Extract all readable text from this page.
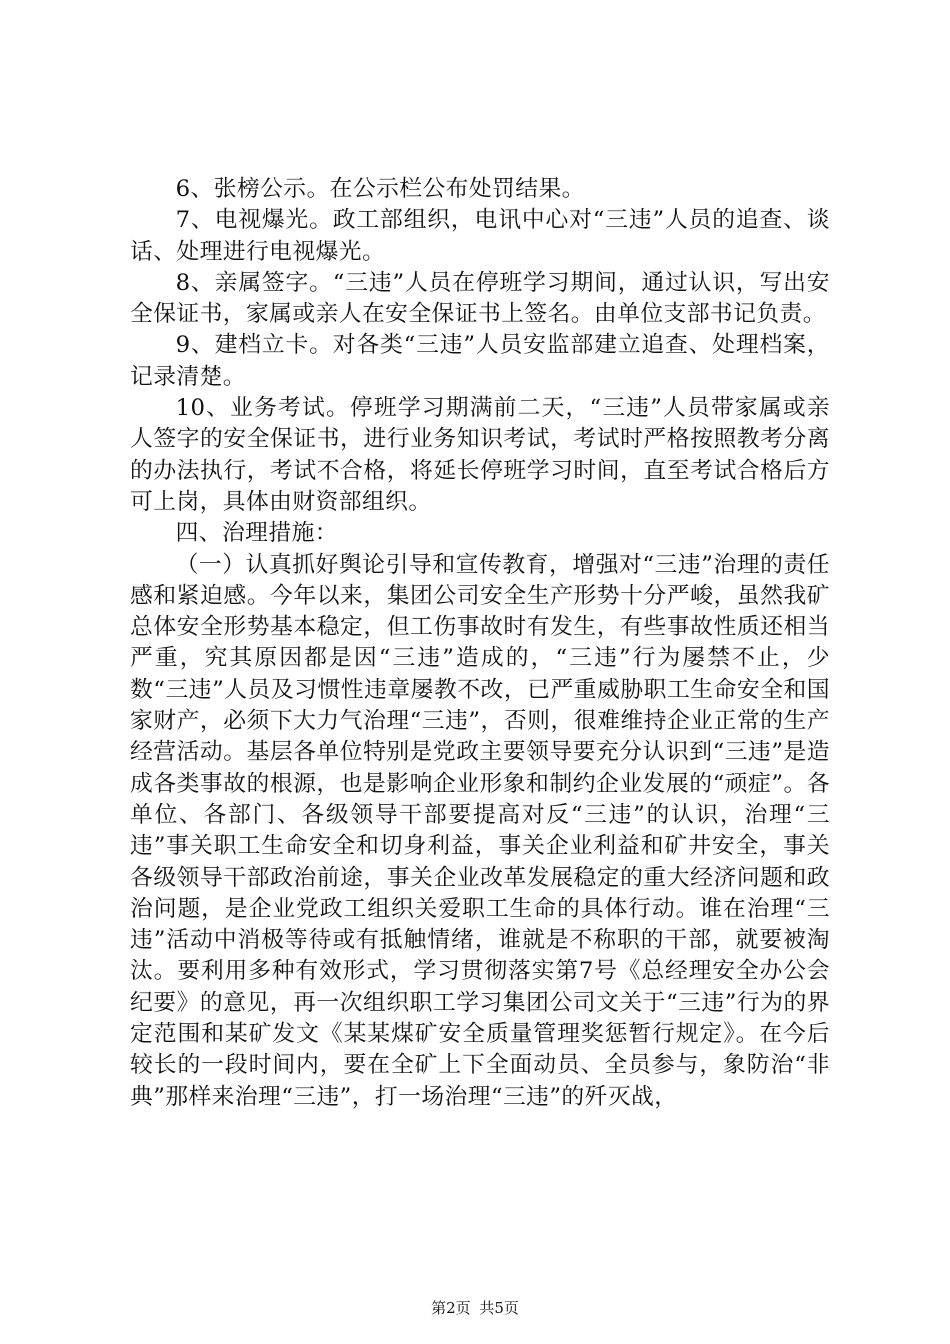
6、张榜公示。在公示栏公布处罚结果。

7、电视爆光。政工部组织，电讯中心对“三违”人员的追查、谈话、处理进行电视爆光。

8、亲属签字。“三违”人员在停班学习期间，通过认识，写出安全保证书，家属或亲人在安全保证书上签名。由单位支部书记负责。

9、建档立卡。对各类“三违”人员安监部建立追查、处理档案，记录清楚。

10、业务考试。停班学习期满前二天，“三违”人员带家属或亲人签字的安全保证书，进行业务知识考试，考试时严格按照教考分离的办法执行，考试不合格，将延长停班学习时间，直至考试合格后方可上岗，具体由财资部组织。

四、治理措施：

（一）认真抓好舆论引导和宣传教育，增强对“三违”治理的责任感和紧迫感。今年以来，集团公司安全生产形势十分严峻，虽然我矿总体安全形势基本稳定，但工伤事故时有发生，有些事故性质还相当严重，究其原因都是因“三违”造成的，“三违”行为屡禁不止，少数“三违”人员及习惯性违章屡教不改，已严重威胁职工生命安全和国家财产，必须下大力气治理“三违”，否则，很难维持企业正常的生产经营活动。基层各单位特别是党政主要领导要充分认识到“三违”是造成各类事故的根源，也是影响企业形象和制约企业发展的“顽症”。各单位、各部门、各级领导干部要提高对反“三违”的认识，治理“三违”事关职工生命安全和切身利益，事关企业利益和矿井安全，事关各级领导干部政治前途，事关企业改革发展稳定的重大经济问题和政治问题，是企业党政工组织关爱职工生命的具体行动。谁在治理“三违”活动中消极等待或有抵触情绪，谁就是不称职的干部，就要被淘汰。要利用多种有效形式，学习贯彻落实第7号《总经理安全办公会纪要》的意见，再一次组织职工学习集团公司文关于“三违”行为的界定范围和某矿发文《某某煤矿安全质量管理奖惩暂行规定》。在今后较长的一段时间内，要在全矿上下全面动员、全员参与，象防治“非典”那样来治理“三违”，打一场治理“三违”的歼灭战，

第2页 共5页
